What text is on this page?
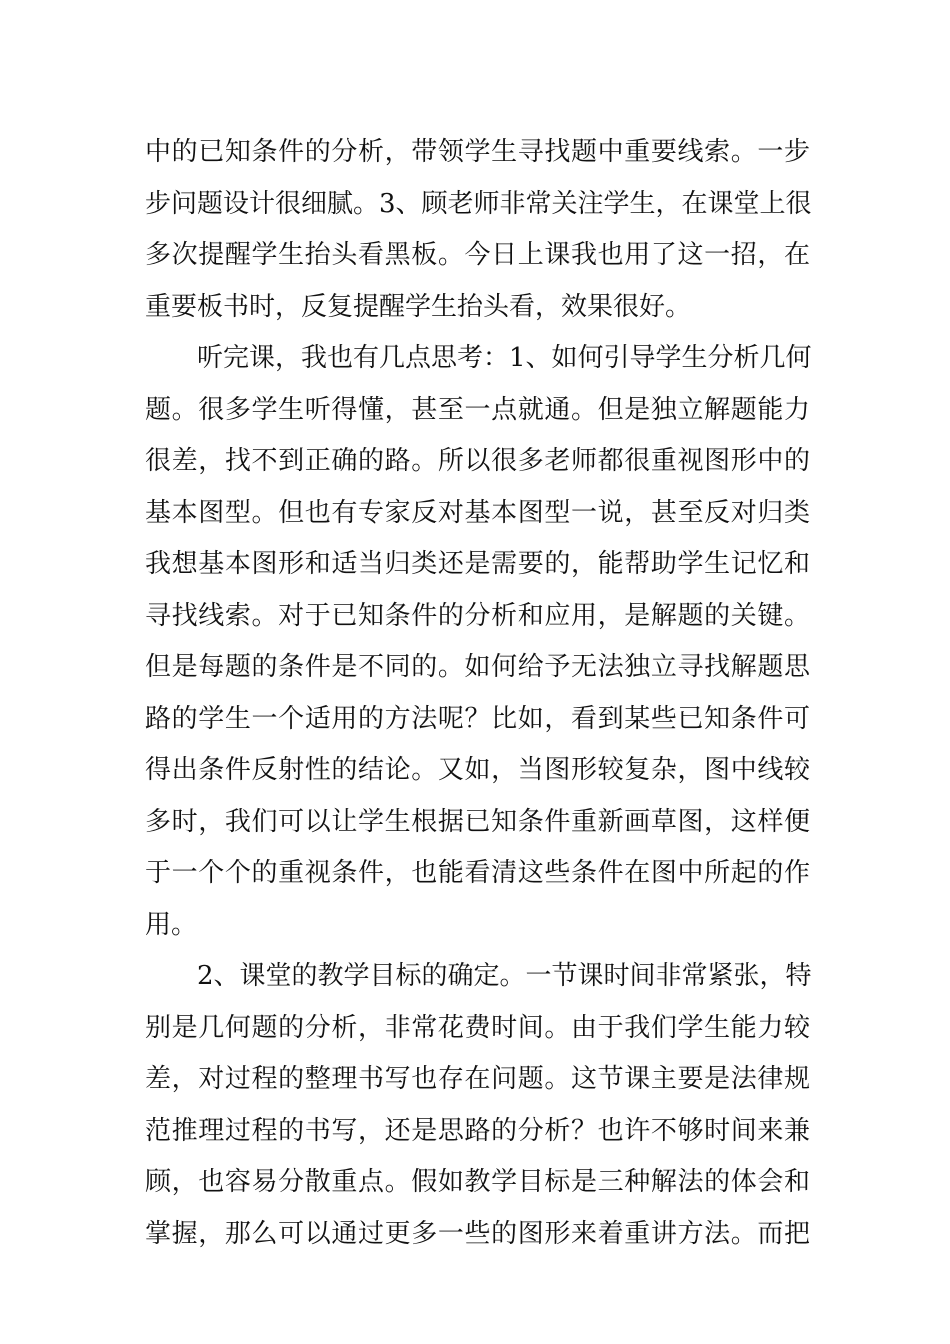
中的已知条件的分析，带领学生寻找题中重要线索。一步
步问题设计很细腻。3、顾老师非常关注学生，在课堂上很
多次提醒学生抬头看黑板。今日上课我也用了这一招，在
重要板书时，反复提醒学生抬头看，效果很好。
听完课，我也有几点思考：1、如何引导学生分析几何
题。很多学生听得懂，甚至一点就通。但是独立解题能力
很差，找不到正确的路。所以很多老师都很重视图形中的
基本图型。但也有专家反对基本图型一说，甚至反对归类
我想基本图形和适当归类还是需要的，能帮助学生记忆和
寻找线索。对于已知条件的分析和应用，是解题的关键。
但是每题的条件是不同的。如何给予无法独立寻找解题思
路的学生一个适用的方法呢？比如，看到某些已知条件可
得出条件反射性的结论。又如，当图形较复杂，图中线较
多时，我们可以让学生根据已知条件重新画草图，这样便
于一个个的重视条件，也能看清这些条件在图中所起的作
用。
2、课堂的教学目标的确定。一节课时间非常紧张，特
别是几何题的分析，非常花费时间。由于我们学生能力较
差，对过程的整理书写也存在问题。这节课主要是法律规
范推理过程的书写，还是思路的分析？也许不够时间来兼
顾，也容易分散重点。假如教学目标是三种解法的体会和
掌握，那么可以通过更多一些的图形来着重讲方法。而把
